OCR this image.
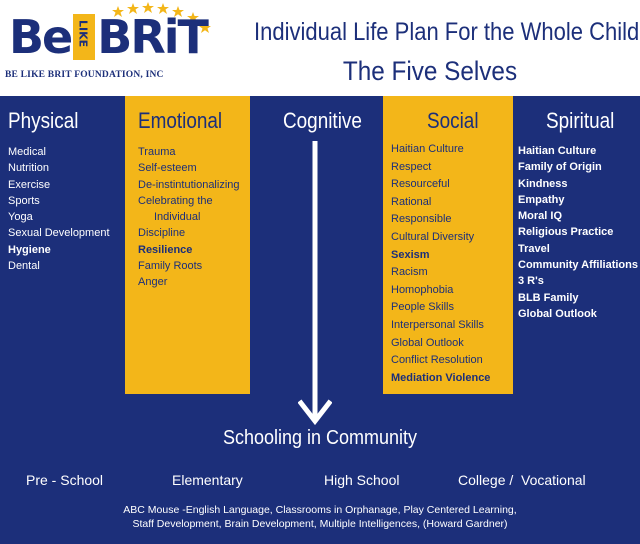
Be LIKE BRiT
BE LIKE BRIT FOUNDATION, INC
Individual Life Plan For the Whole Child
The Five Selves
Physical
Medical
Nutrition
Exercise
Sports
Yoga
Sexual Development
Hygiene
Dental
Emotional
Trauma
Self-esteem
De-instintutionalizing
Celebrating the
Individual
Discipline
Resilience
Family Roots
Anger
Cognitive	Social
Haitian Culture
Respect
Resourceful
Rational
Responsible
Cultural Diversity
Sexism
Racism
Homophobia
People Skills
Interpersonal Skills
Global Outlook
Conflict Resolution
Mediation Violence
Spiritual
Haitian Culture
Family of Origin
Kindness
Empathy
Moral IQ
Religious Practice
Travel
Community Affiliations
3 R's
BLB Family
Global Outlook
Schooling in Community
Pre - School	Elementary	High School	College /  Vocational
ABC Mouse -English Language, Classrooms in Orphanage, Play Centered Learning,
Staff Development, Brain Development, Multiple Intelligences, (Howard Gardner)
